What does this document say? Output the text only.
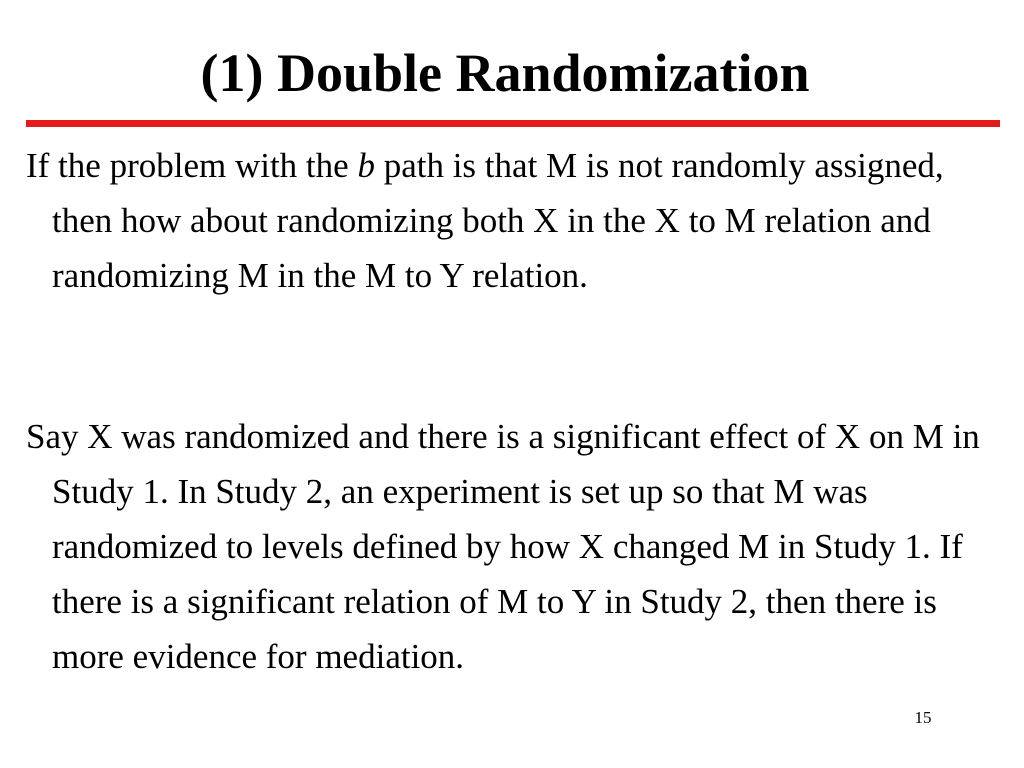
(1) Double Randomization

If the problem with the b path is that M is not randomly assigned, then how about randomizing both X in the X to M relation and randomizing M in the M to Y relation.

Say X was randomized and there is a significant effect of X on M in Study 1. In Study 2, an experiment is set up so that M was randomized to levels defined by how X changed M in Study 1. If there is a significant relation of M to Y in Study 2, then there is more evidence for mediation.

15
